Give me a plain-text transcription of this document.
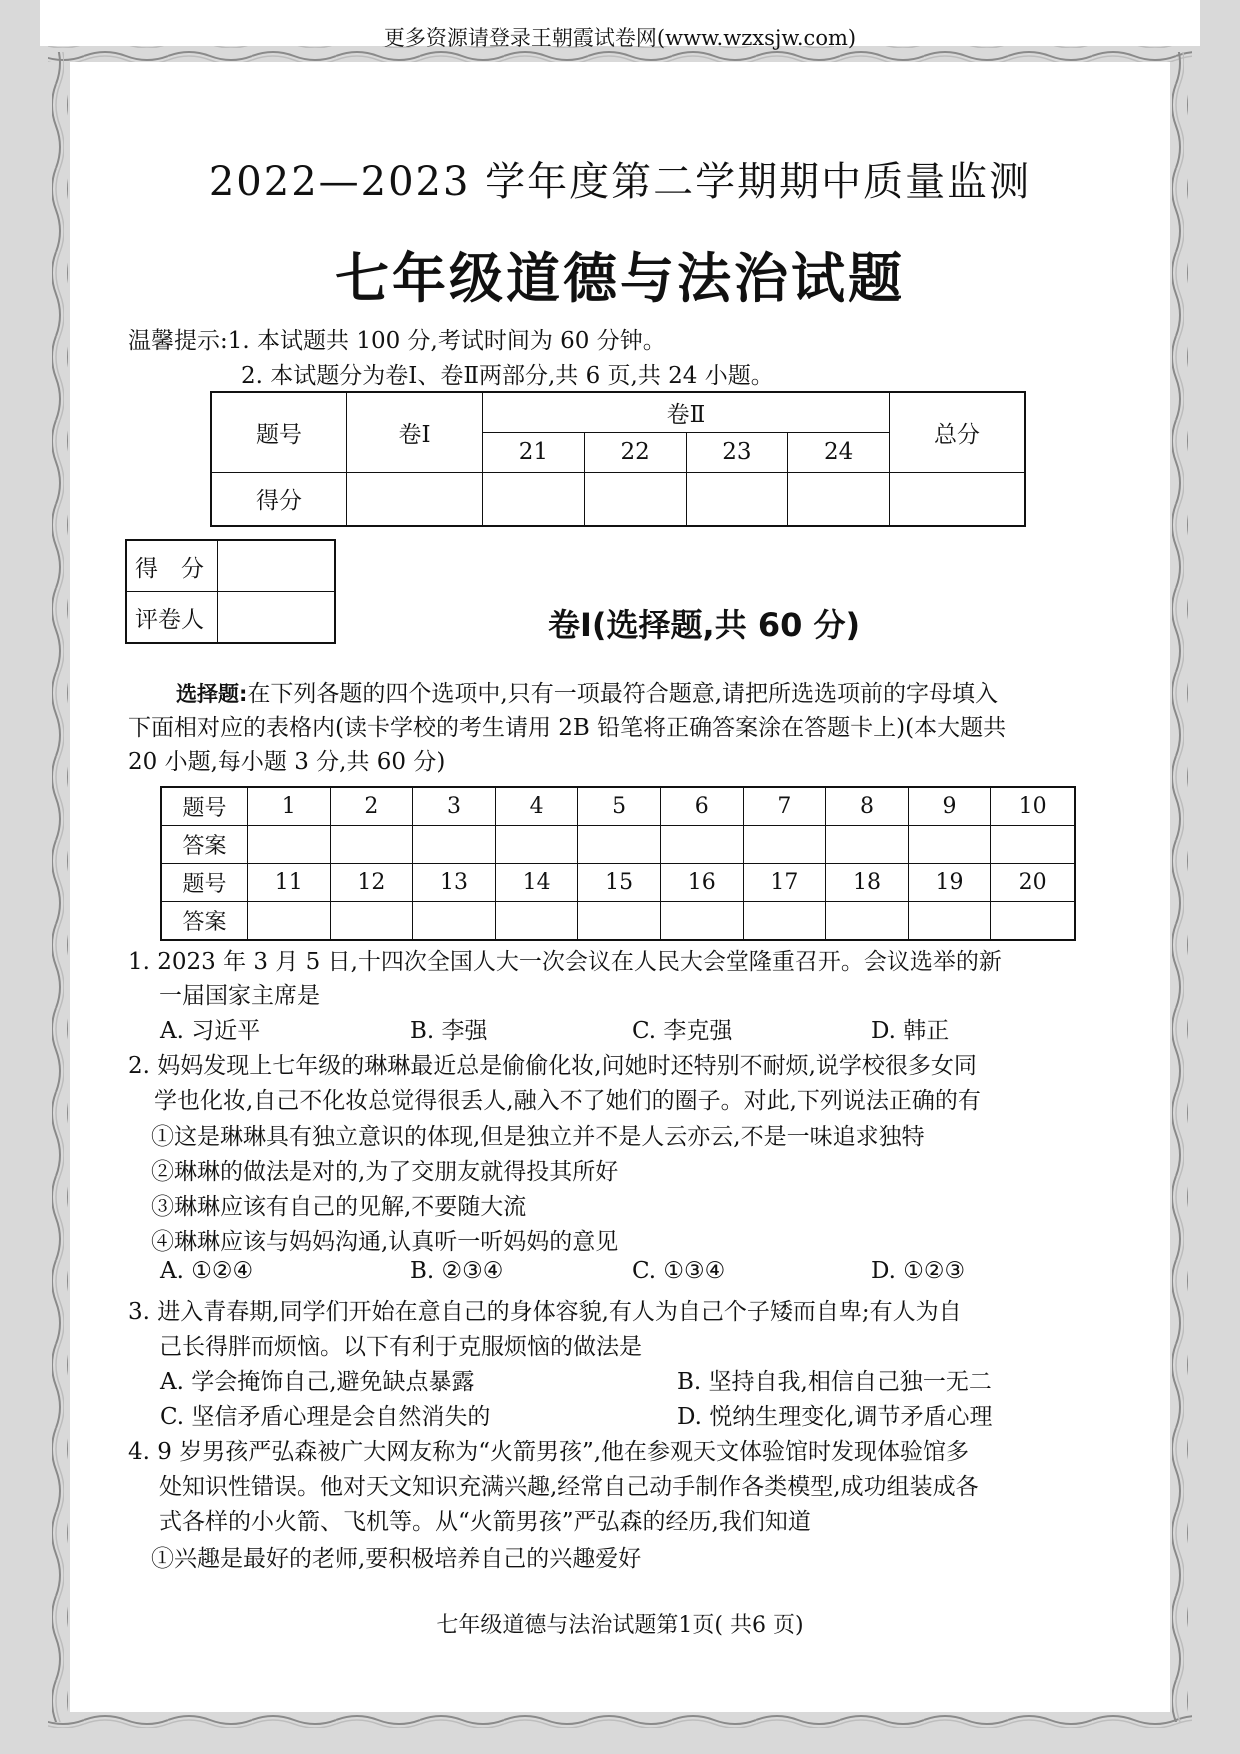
更多资源请登录王朝霞试卷网(www.wzxsjw.com)
2022—2023 学年度第二学期期中质量监测
七年级道德与法治试题
温馨提示:1. 本试题共 100 分,考试时间为 60 分钟。
2. 本试题分为卷Ⅰ、卷Ⅱ两部分,共 6 页,共 24 小题。
题号	卷Ⅰ	卷Ⅱ				总分
		21	22	23	24	
得分						
得　分	
评卷人		卷Ⅰ(选择题,共 60 分)
选择题:在下列各题的四个选项中,只有一项最符合题意,请把所选选项前的字母填入
下面相对应的表格内(读卡学校的考生请用 2B 铅笔将正确答案涂在答题卡上)(本大题共
20 小题,每小题 3 分,共 60 分)
题号	1	2	3	4	5	6	7	8	9	10
答案										
题号	11	12	13	14	15	16	17	18	19	20
答案										
1. 2023 年 3 月 5 日,十四次全国人大一次会议在人民大会堂隆重召开。会议选举的新
一届国家主席是
A. 习近平	B. 李强	C. 李克强	D. 韩正
2. 妈妈发现上七年级的琳琳最近总是偷偷化妆,问她时还特别不耐烦,说学校很多女同
学也化妆,自己不化妆总觉得很丢人,融入不了她们的圈子。对此,下列说法正确的有
①这是琳琳具有独立意识的体现,但是独立并不是人云亦云,不是一味追求独特
②琳琳的做法是对的,为了交朋友就得投其所好
③琳琳应该有自己的见解,不要随大流
④琳琳应该与妈妈沟通,认真听一听妈妈的意见
A. ①②④	B. ②③④	C. ①③④	D. ①②③
3. 进入青春期,同学们开始在意自己的身体容貌,有人为自己个子矮而自卑;有人为自
己长得胖而烦恼。以下有利于克服烦恼的做法是
A. 学会掩饰自己,避免缺点暴露	B. 坚持自我,相信自己独一无二
C. 坚信矛盾心理是会自然消失的	D. 悦纳生理变化,调节矛盾心理
4. 9 岁男孩严弘森被广大网友称为“火箭男孩”,他在参观天文体验馆时发现体验馆多
处知识性错误。他对天文知识充满兴趣,经常自己动手制作各类模型,成功组装成各
式各样的小火箭、飞机等。从“火箭男孩”严弘森的经历,我们知道
①兴趣是最好的老师,要积极培养自己的兴趣爱好
七年级道德与法治试题第1页( 共6 页)
